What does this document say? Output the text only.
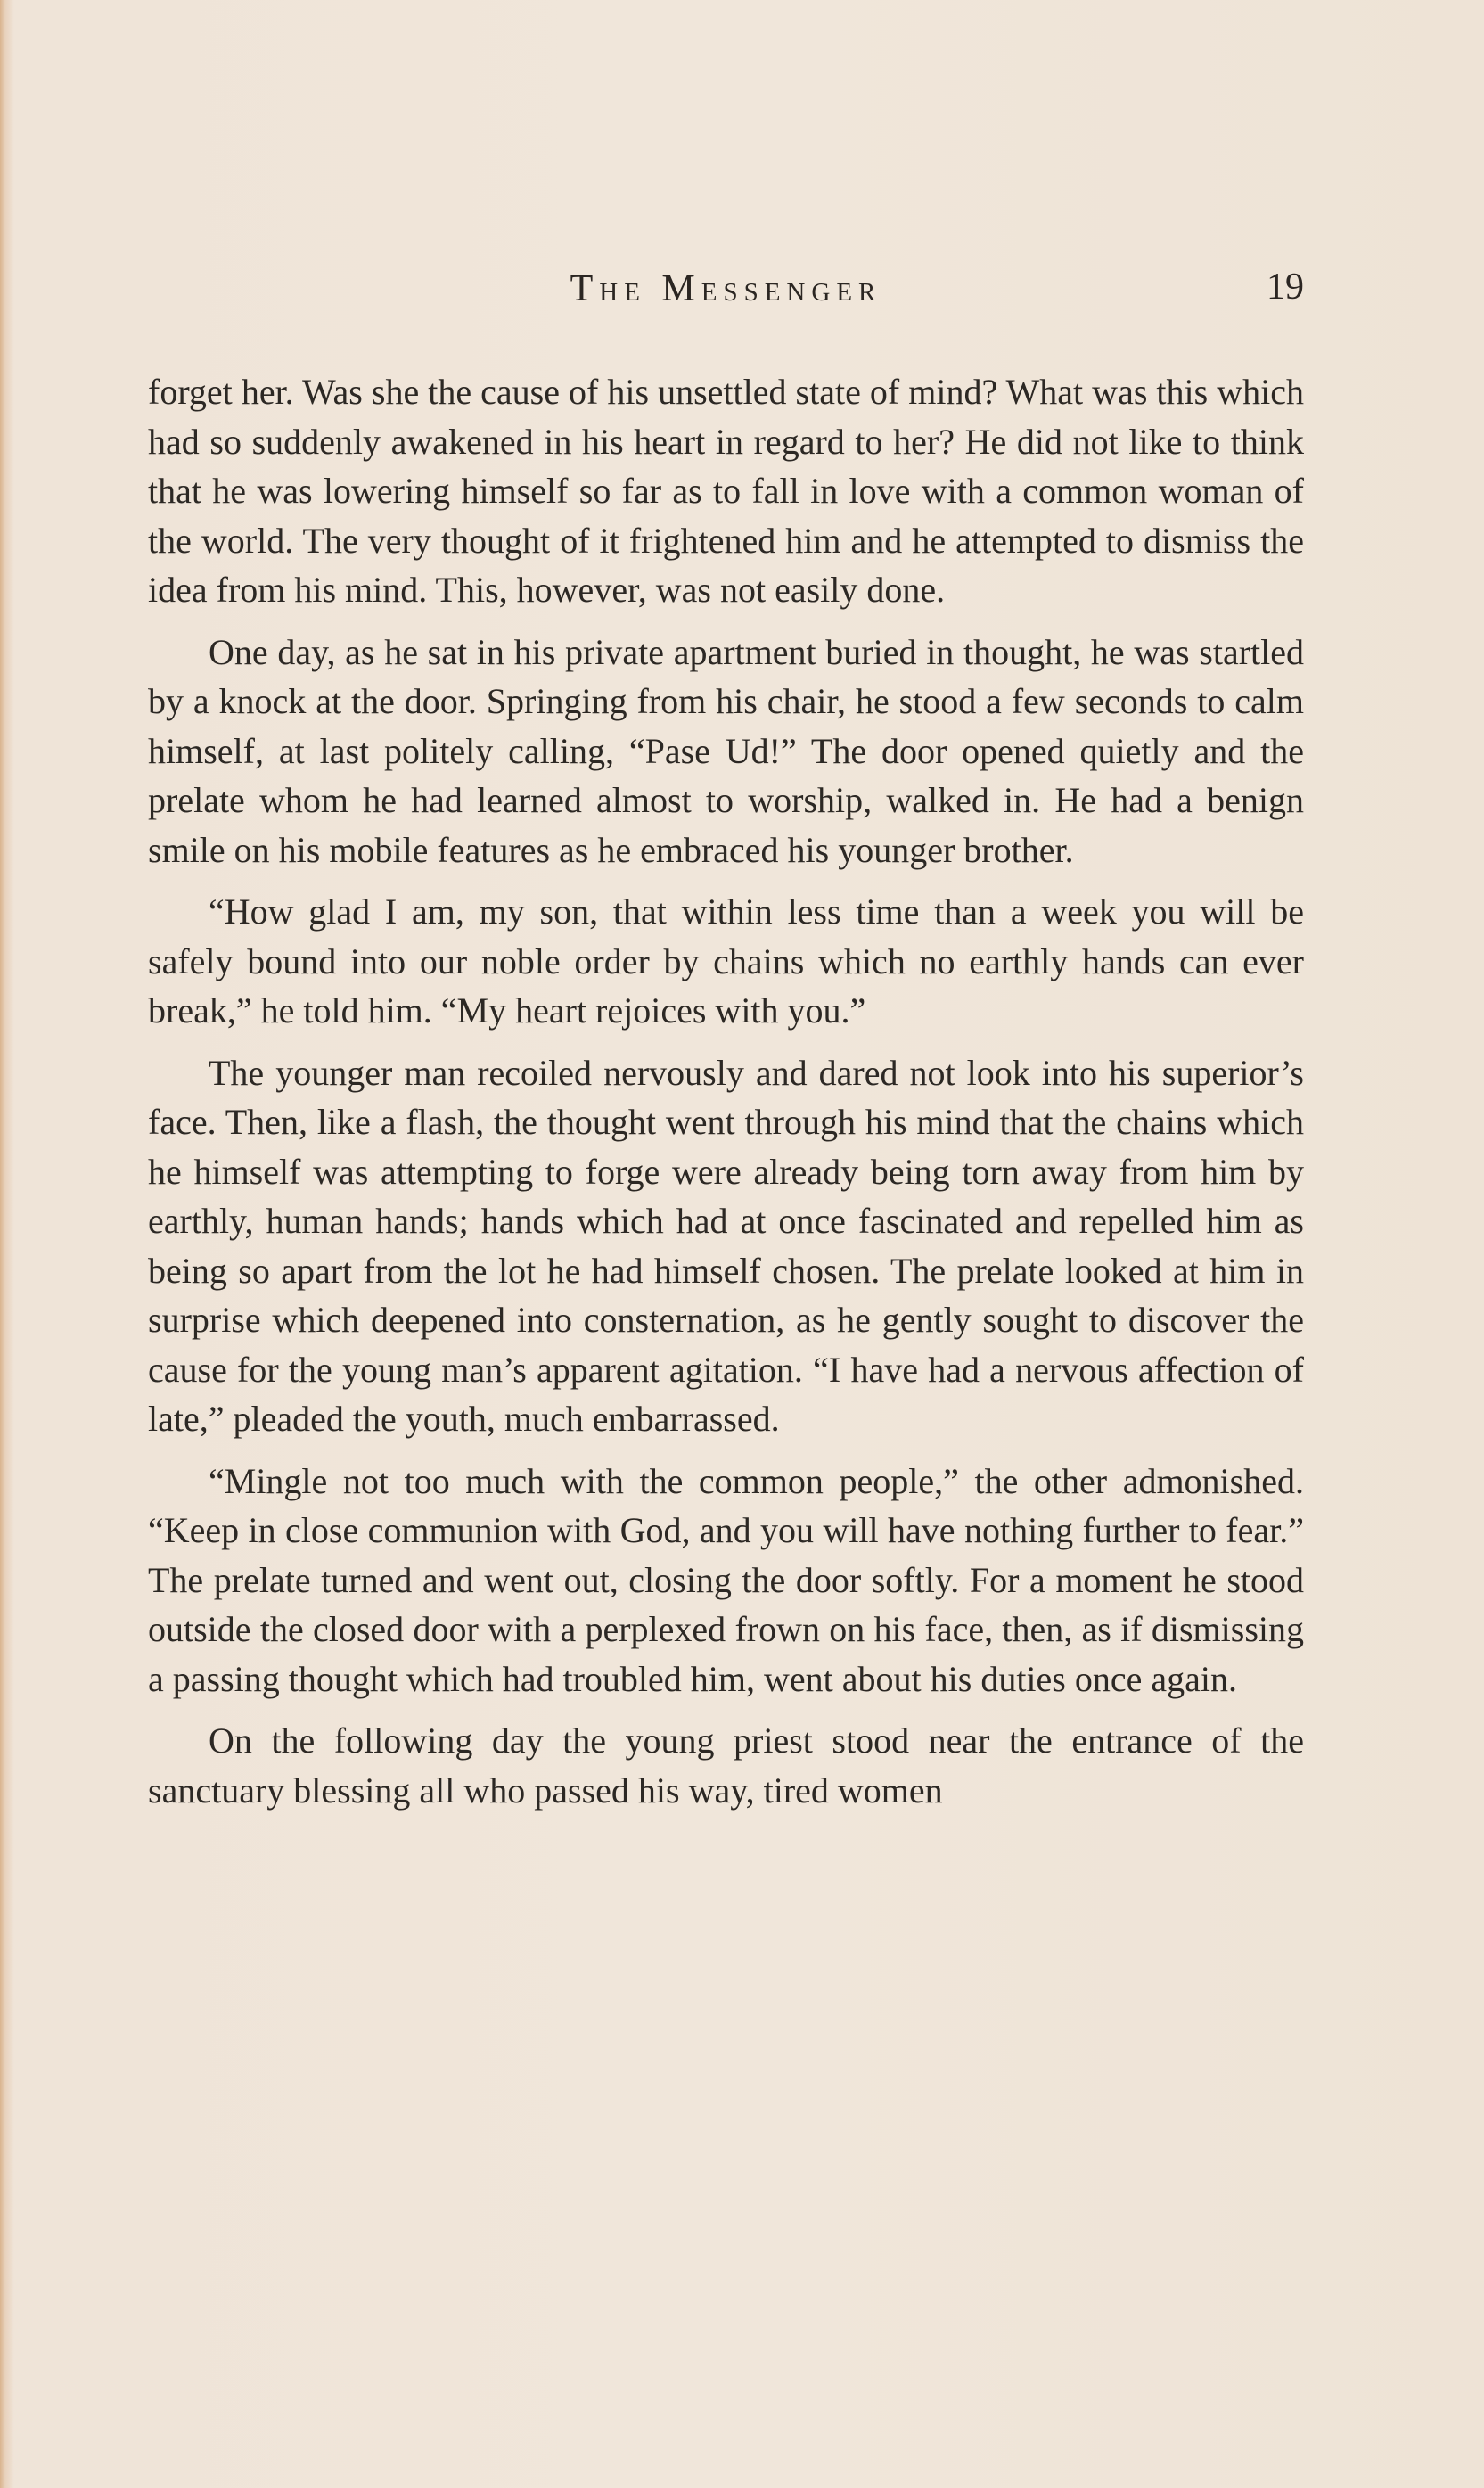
The Messenger	19

forget her. Was she the cause of his unsettled state of mind? What was this which had so suddenly awakened in his heart in regard to her? He did not like to think that he was lowering himself so far as to fall in love with a common woman of the world. The very thought of it frightened him and he attempted to dismiss the idea from his mind. This, however, was not easily done.

One day, as he sat in his private apartment buried in thought, he was startled by a knock at the door. Springing from his chair, he stood a few seconds to calm himself, at last politely calling, “Pase Ud!” The door opened quietly and the prelate whom he had learned almost to worship, walked in. He had a benign smile on his mobile features as he embraced his younger brother.

“How glad I am, my son, that within less time than a week you will be safely bound into our noble order by chains which no earthly hands can ever break,” he told him. “My heart rejoices with you.”

The younger man recoiled nervously and dared not look into his superior’s face. Then, like a flash, the thought went through his mind that the chains which he himself was attempting to forge were already being torn away from him by earthly, human hands; hands which had at once fascinated and repelled him as being so apart from the lot he had himself chosen. The prelate looked at him in surprise which deepened into consternation, as he gently sought to discover the cause for the young man’s apparent agitation. “I have had a nervous affection of late,” pleaded the youth, much embarrassed.

“Mingle not too much with the common people,” the other admonished. “Keep in close communion with God, and you will have nothing further to fear.” The prelate turned and went out, closing the door softly. For a moment he stood outside the closed door with a perplexed frown on his face, then, as if dismissing a passing thought which had troubled him, went about his duties once again.

On the following day the young priest stood near the entrance of the sanctuary blessing all who passed his way, tired women
